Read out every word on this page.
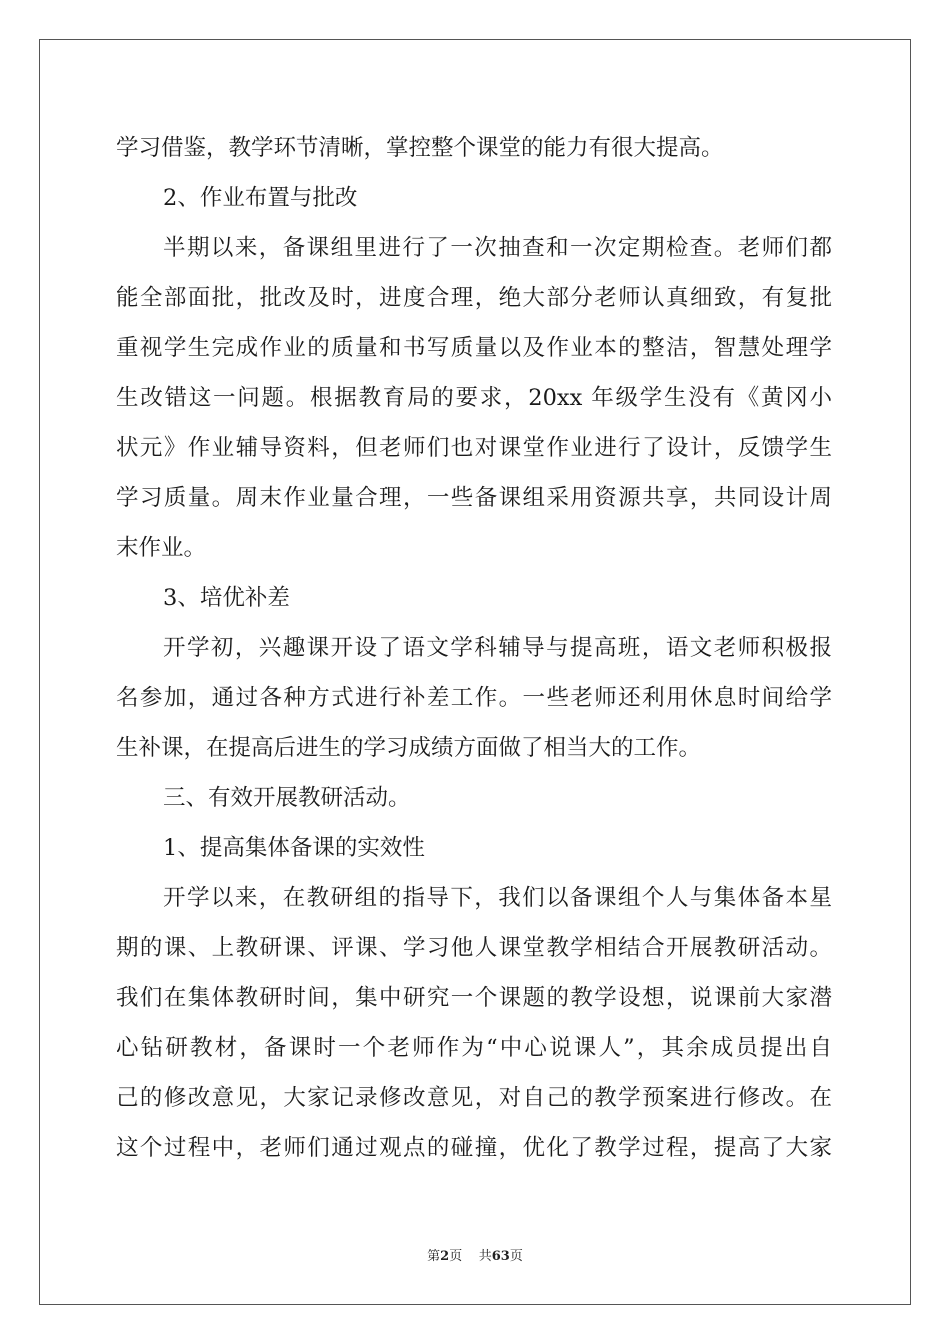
学习借鉴，教学环节清晰，掌控整个课堂的能力有很大提高。
2、作业布置与批改
半期以来，备课组里进行了一次抽查和一次定期检查。老师们都
能全部面批，批改及时，进度合理，绝大部分老师认真细致，有复批
重视学生完成作业的质量和书写质量以及作业本的整洁，智慧处理学
生改错这一问题。根据教育局的要求，20xx 年级学生没有《黄冈小
状元》作业辅导资料，但老师们也对课堂作业进行了设计，反馈学生
学习质量。周末作业量合理，一些备课组采用资源共享，共同设计周
末作业。
3、培优补差
开学初，兴趣课开设了语文学科辅导与提高班，语文老师积极报
名参加，通过各种方式进行补差工作。一些老师还利用休息时间给学
生补课，在提高后进生的学习成绩方面做了相当大的工作。
三、有效开展教研活动。
1、提高集体备课的实效性
开学以来，在教研组的指导下，我们以备课组个人与集体备本星
期的课、上教研课、评课、学习他人课堂教学相结合开展教研活动。
我们在集体教研时间，集中研究一个课题的教学设想，说课前大家潜
心钻研教材，备课时一个老师作为“中心说课人”，其余成员提出自
己的修改意见，大家记录修改意见，对自己的教学预案进行修改。在
这个过程中，老师们通过观点的碰撞，优化了教学过程，提高了大家
第2页 共63页
